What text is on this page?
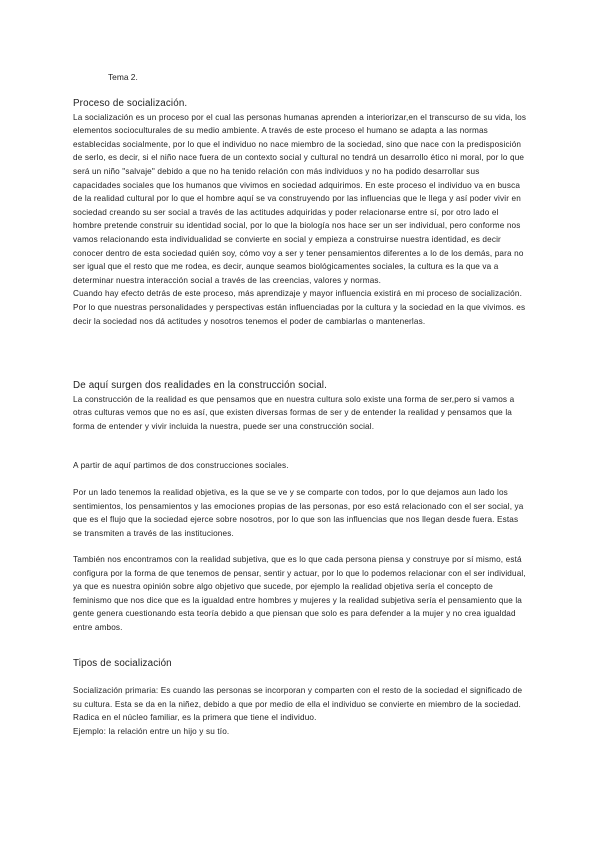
Tema 2.
Proceso de socialización.

La socialización es un proceso por el cual las personas humanas aprenden a interiorizar,en el transcurso de su vida, los elementos socioculturales de su medio ambiente. A través de este proceso el humano se adapta a las normas establecidas socialmente, por lo que el individuo no nace miembro de la sociedad, sino que nace con la predisposición de serlo, es decir, si el niño nace fuera de un contexto social y cultural no tendrá un desarrollo ético ni moral, por lo que será un niño "salvaje" debido a que no ha tenido relación con más individuos y no ha podido desarrollar sus capacidades sociales que los humanos que vivimos en sociedad adquirimos. En este proceso el individuo va en busca de la realidad cultural por lo que el hombre aquí se va construyendo por las influencias que le llega y así poder vivir en sociedad creando su ser social a través de las actitudes adquiridas y poder relacionarse entre sí, por otro lado el hombre pretende construir su identidad social, por lo que la biología nos hace ser un ser individual, pero conforme nos vamos relacionando esta individualidad se convierte en social y empieza a construirse nuestra identidad, es decir conocer dentro de esta sociedad quién soy, cómo voy a ser y tener pensamientos diferentes a lo de los demás, para no ser igual que el resto que me rodea, es decir, aunque seamos biológicamentes sociales, la cultura es la que va a determinar nuestra interacción social a través de las creencias, valores y normas.

Cuando hay efecto detrás de este proceso, más aprendizaje y mayor influencia existirá en mi proceso de socialización. Por lo que nuestras personalidades y perspectivas están influenciadas por la cultura y la sociedad en la que vivimos. es decir la sociedad nos dá actitudes y nosotros tenemos el poder de cambiarlas o mantenerlas.

De aquí surgen dos realidades en la construcción social.

La construcción de la realidad es que pensamos que en nuestra cultura solo existe una forma de ser,pero si vamos a otras culturas vemos que no es así, que existen diversas formas de ser y de entender la realidad y pensamos que la forma de entender y vivir incluida la nuestra, puede ser una construcción social.

A partir de aquí partimos de dos construcciones sociales.

Por un lado tenemos la realidad objetiva, es la que se ve y se comparte con todos, por lo que dejamos aun lado los sentimientos, los pensamientos y las emociones propias de las personas, por eso está relacionado con el ser social, ya que es el flujo que la sociedad ejerce sobre nosotros, por lo que son las influencias que nos llegan desde fuera. Estas se transmiten a través de las instituciones.

También nos encontramos con la realidad subjetiva, que es lo que cada persona piensa y construye por sí mismo, está configura por la forma de que tenemos de pensar, sentir y actuar, por lo que lo podemos relacionar con el ser individual, ya que es nuestra opinión sobre algo objetivo que sucede, por ejemplo la realidad objetiva sería el concepto de feminismo que nos dice que es la igualdad entre hombres y mujeres y la realidad subjetiva sería el pensamiento que la gente genera cuestionando esta teoría debido a que piensan que solo es para defender a la mujer y no crea igualdad entre ambos.

Tipos de socialización

Socialización primaria: Es cuando las personas se incorporan y comparten con el resto de la sociedad el significado de su cultura. Esta se da en la niñez, debido a que por medio de ella el individuo se convierte en miembro de la sociedad. Radica en el núcleo familiar, es la primera que tiene el individuo.

Ejemplo: la relación entre un hijo y su tío.
